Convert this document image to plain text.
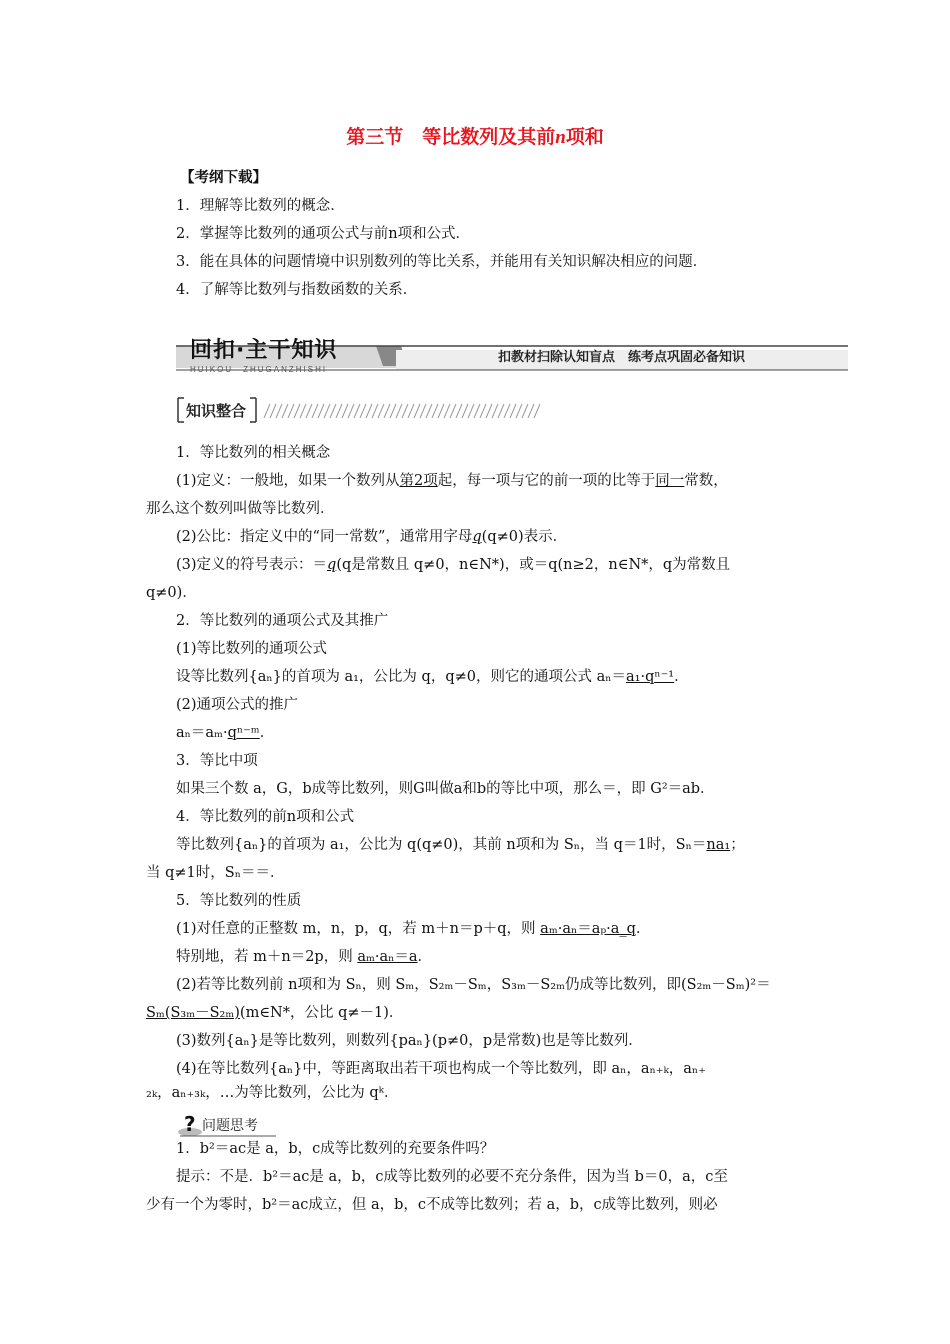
第三节　等比数列及其前n项和
【考纲下载】
1．理解等比数列的概念．
2．掌握等比数列的通项公式与前n项和公式．
3．能在具体的问题情境中识别数列的等比关系，并能用有关知识解决相应的问题．
4．了解等比数列与指数函数的关系．
回扣·主干知识
HUIKOU　ZHUGANZHISHI
扣教材扫除认知盲点　练考点巩固必备知识
知识整合
1．等比数列的相关概念
(1)定义：一般地，如果一个数列从第2项起，每一项与它的前一项的比等于同一常数，
那么这个数列叫做等比数列．
(2)公比：指定义中的“同一常数”，通常用字母q(q≠0)表示．
(3)定义的符号表示：＝q(q是常数且 q≠0，n∈N*)，或＝q(n≥2，n∈N*，q为常数且
q≠0)．
2．等比数列的通项公式及其推广
(1)等比数列的通项公式
设等比数列{aₙ}的首项为 a₁，公比为 q，q≠0，则它的通项公式 aₙ＝a₁·qⁿ⁻¹．
(2)通项公式的推广
aₙ＝aₘ·qⁿ⁻ᵐ．
3．等比中项
如果三个数 a，G，b成等比数列，则G叫做a和b的等比中项，那么＝，即 G²＝ab．
4．等比数列的前n项和公式
等比数列{aₙ}的首项为 a₁，公比为 q(q≠0)，其前 n项和为 Sₙ，当 q＝1时，Sₙ＝na₁；
当 q≠1时，Sₙ＝＝．
5．等比数列的性质
(1)对任意的正整数 m，n，p，q，若 m＋n＝p＋q，则 aₘ·aₙ＝aₚ·a_q．
特别地，若 m＋n＝2p，则 aₘ·aₙ＝a．
(2)若等比数列前 n项和为 Sₙ，则 Sₘ，S₂ₘ－Sₘ，S₃ₘ－S₂ₘ仍成等比数列，即(S₂ₘ－Sₘ)²＝
Sₘ(S₃ₘ－S₂ₘ)(m∈N*，公比 q≠－1)．
(3)数列{aₙ}是等比数列，则数列{paₙ}(p≠0，p是常数)也是等比数列．
(4)在等比数列{aₙ}中，等距离取出若干项也构成一个等比数列，即 aₙ，aₙ₊ₖ，aₙ₊
₂ₖ，aₙ₊₃ₖ，…为等比数列，公比为 qᵏ．
? 问题思考
1．b²＝ac是 a，b，c成等比数列的充要条件吗？
提示：不是．b²＝ac是 a，b，c成等比数列的必要不充分条件，因为当 b＝0，a，c至
少有一个为零时，b²＝ac成立，但 a，b，c不成等比数列；若 a，b，c成等比数列，则必
